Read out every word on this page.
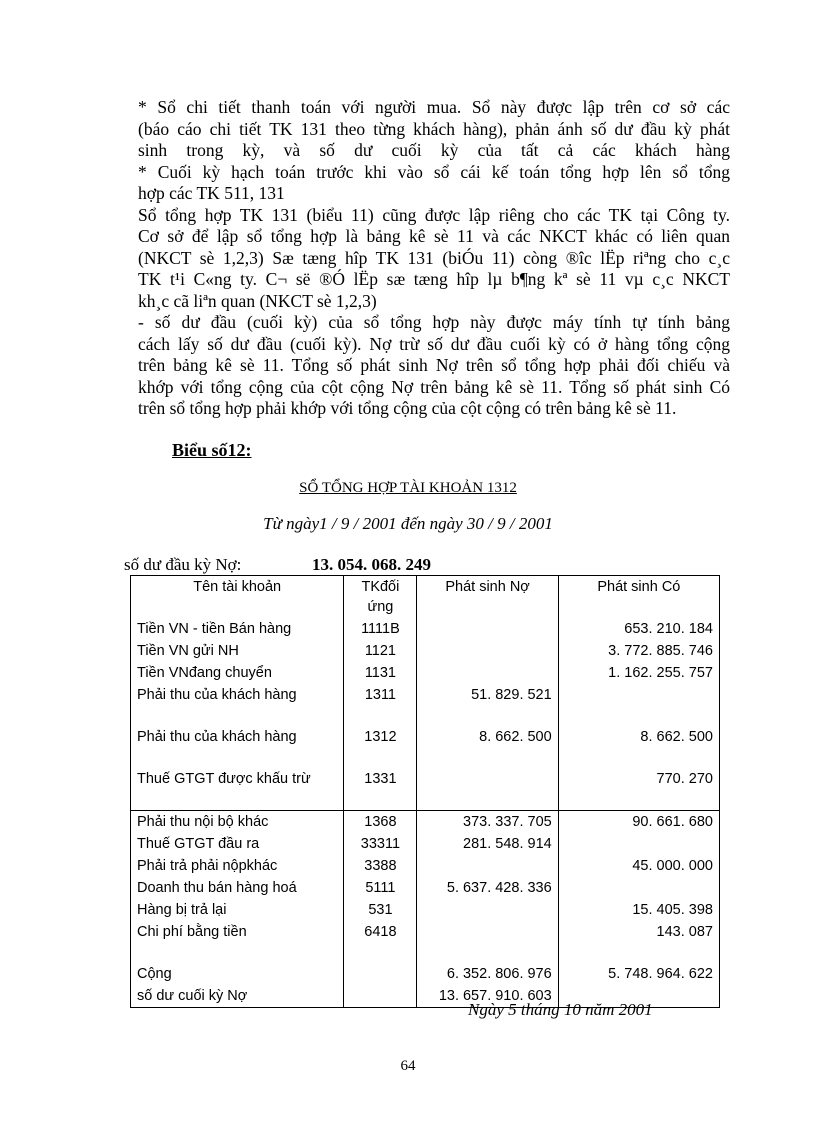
* Sổ chi tiết thanh toán với người mua. Sổ này được lập trên cơ sở các
(báo cáo chi tiết TK 131 theo từng khách hàng), phản ánh số dư đầu kỳ phát
sinh trong kỳ, và số dư cuối kỳ của tất cả các khách hàng
* Cuối kỳ hạch toán trước khi vào sổ cái kế toán tổng hợp lên sổ tổng
hợp các TK 511, 131
Sổ tổng hợp TK 131 (biểu 11) cũng được lập riêng cho các TK tại Công ty.
Cơ sở để lập sổ tổng hợp là bảng kê sè 11 và các NKCT khác có liên quan
(NKCT sè 1,2,3) Sæ tæng hîp TK 131 (biÓu 11) còng ®îc lËp riªng cho c¸c
TK t¹i C«ng ty. C¬ së ®Ó lËp sæ tæng hîp lµ b¶ng kª sè 11 vµ c¸c NKCT
kh¸c cã liªn quan (NKCT sè 1,2,3)
- số dư đầu (cuối kỳ) của sổ tổng hợp này được máy tính tự tính bảng
cách lấy số dư đầu (cuối kỳ). Nợ trừ số dư đầu cuối kỳ có ở hàng tổng cộng
trên bảng kê sè 11. Tổng số phát sinh Nợ trên sổ tổng hợp phải đối chiếu và
khớp với tổng cộng của cột cộng Nợ trên bảng kê sè 11. Tổng số phát sinh Có
trên sổ tổng hợp phải khớp với tổng cộng của cột cộng có trên bảng kê sè 11.
Biểu số12:
SỔ TỔNG HỢP TÀI KHOẢN 1312
Từ ngày1 / 9 / 2001 đến ngày 30 / 9 / 2001
số dư đầu kỳ Nợ:	13. 054. 068. 249
Tên tài khoản	TKđối ứng	Phát sinh Nợ	Phát sinh Có
Tiền VN - tiền Bán hàng	1111B		653. 210. 184
Tiền VN gửi NH	1121		3. 772. 885. 746
Tiền VNđang chuyển	1131		1. 162. 255. 757
Phải thu của khách hàng	1311	51. 829. 521	
Phải thu của khách hàng	1312	8. 662. 500	8. 662. 500
Thuế GTGT được khấu trừ	1331		770. 270
Phải thu nội bộ khác	1368	373. 337. 705	90. 661. 680
Thuế GTGT đầu ra	33311	281. 548. 914	
Phải trả phải nộpkhác	3388		45. 000. 000
Doanh thu bán hàng hoá	5111	5. 637. 428. 336	
Hàng bị trả lại	531		15. 405. 398
Chi phí bằng tiền	6418		143. 087

Cộng		6. 352. 806. 976	5. 748. 964. 622
số dư cuối kỳ Nợ		13. 657. 910. 603	
Ngày 5 tháng 10 năm 2001
64
